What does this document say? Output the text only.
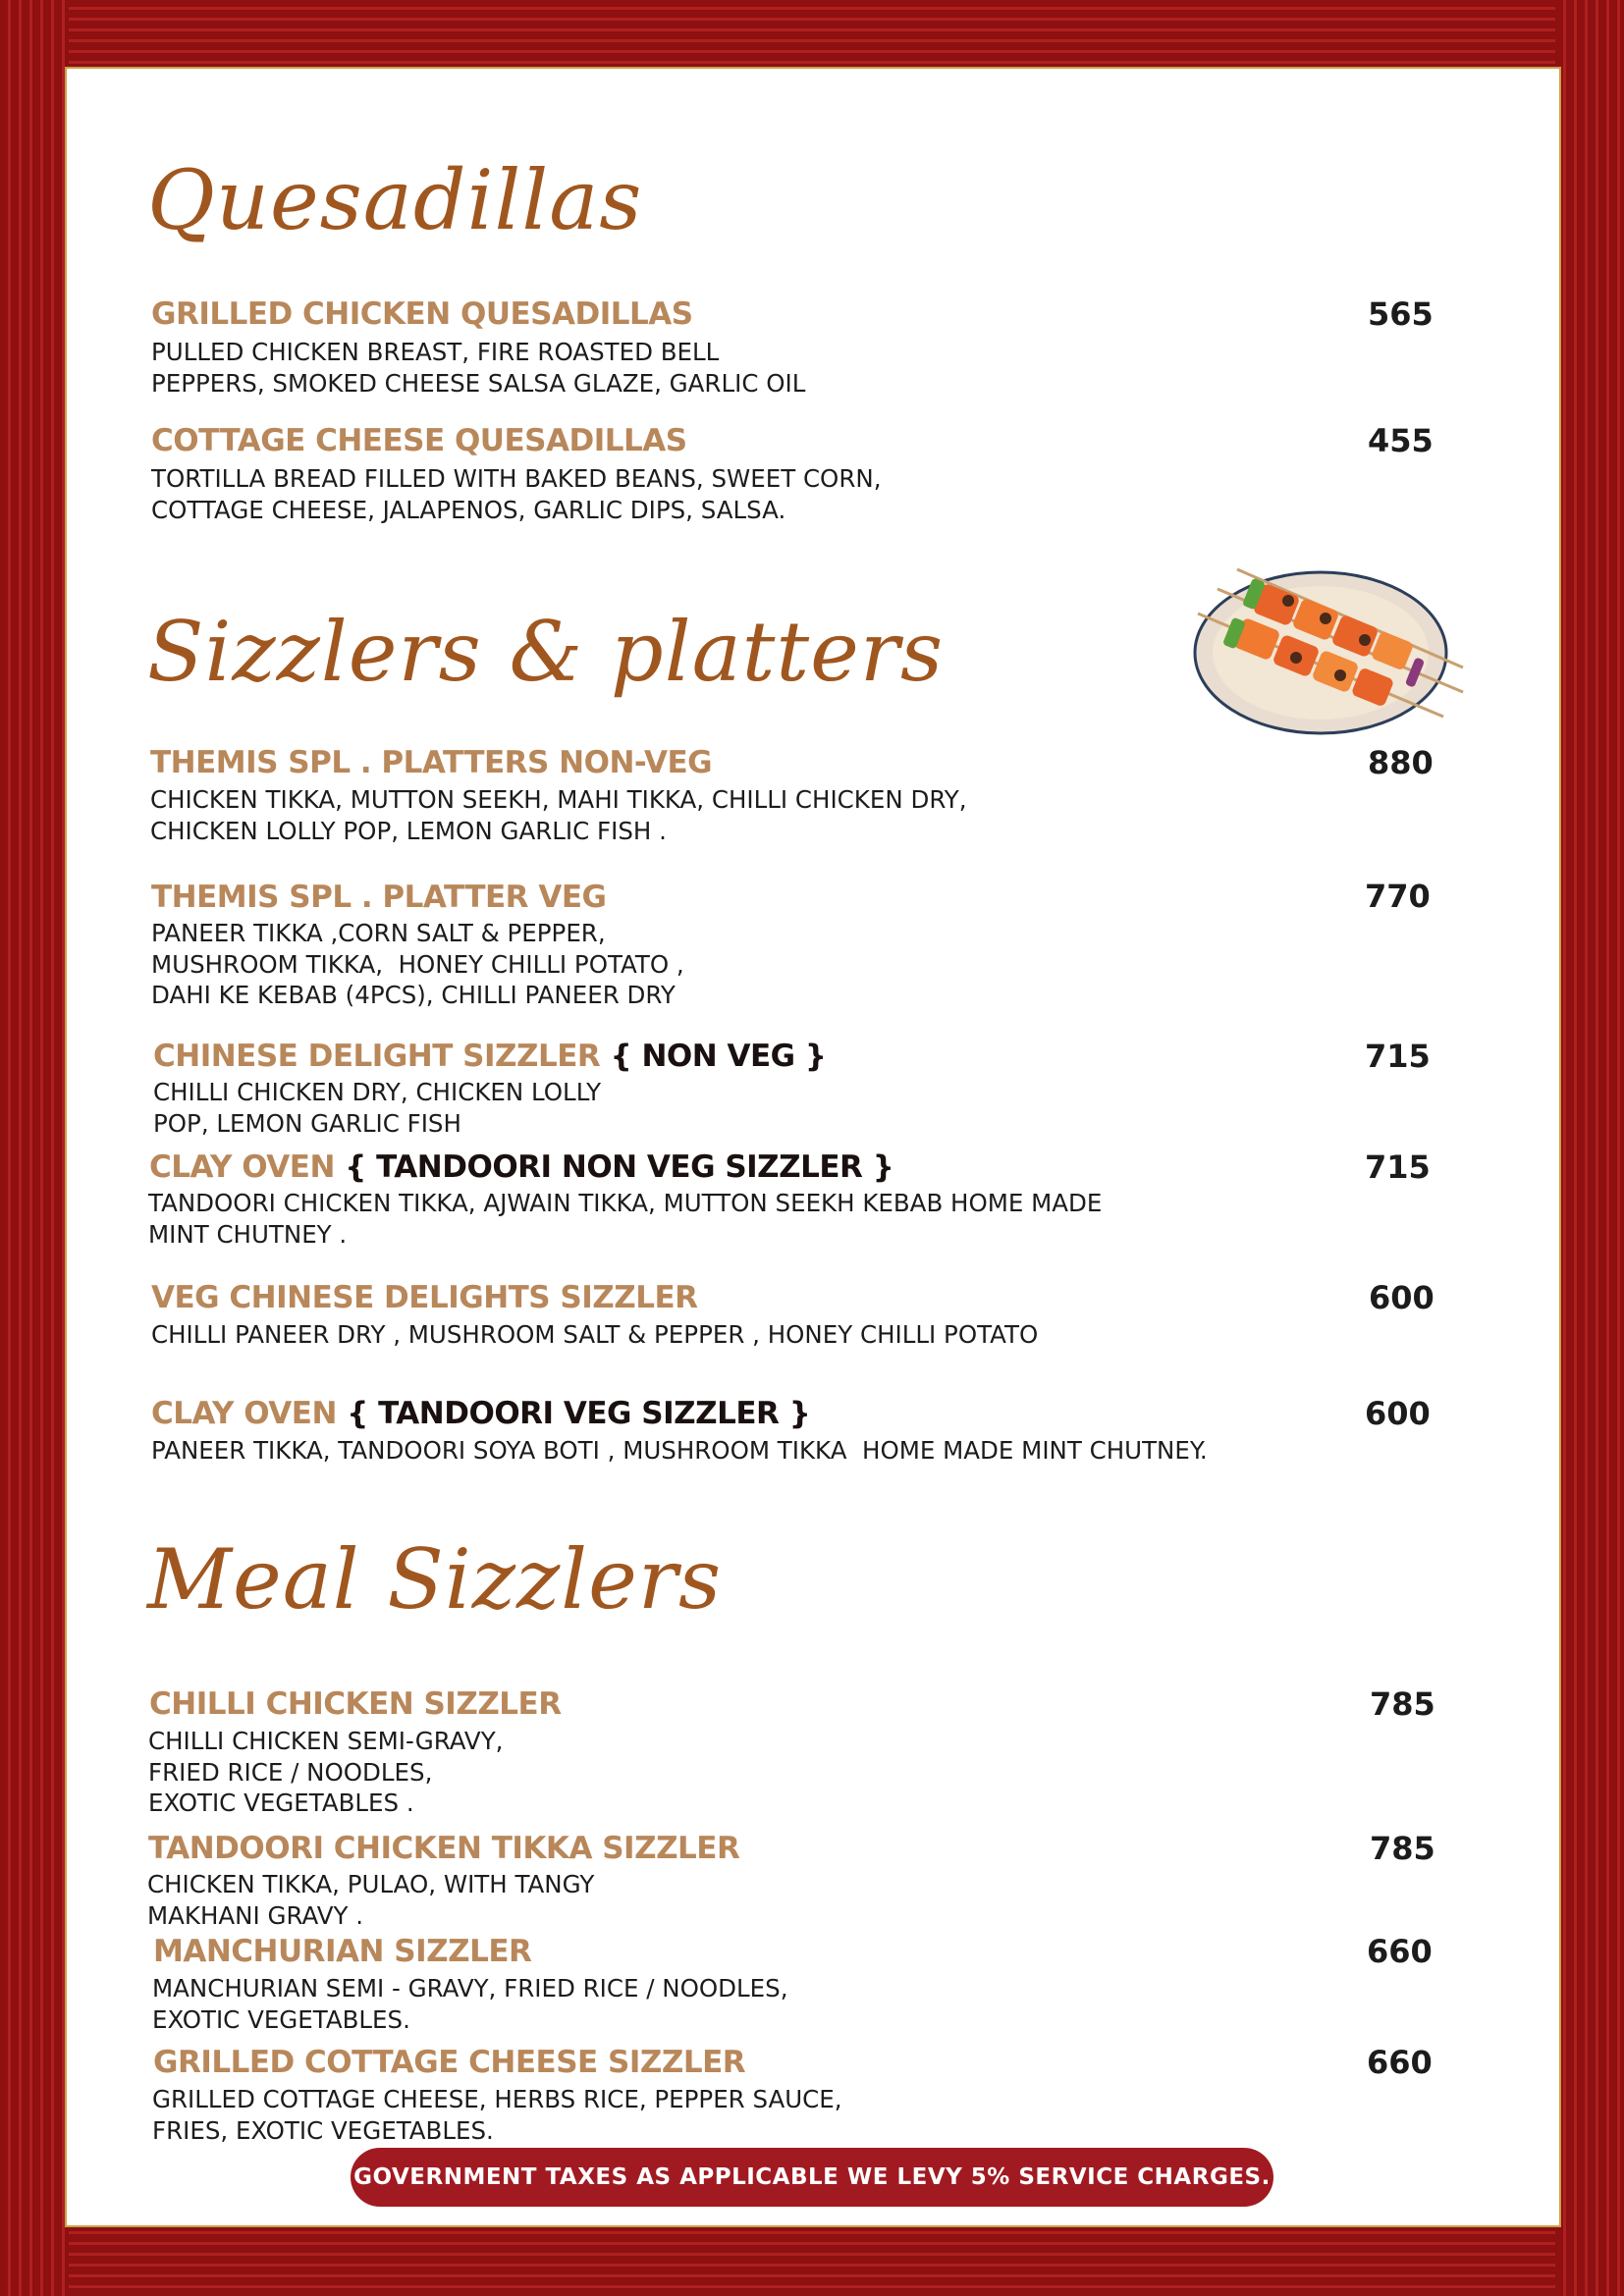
Quesadillas
GRILLED CHICKEN QUESADILLAS	565
PULLED CHICKEN BREAST, FIRE ROASTED BELL
PEPPERS, SMOKED CHEESE SALSA GLAZE, GARLIC OIL
COTTAGE CHEESE QUESADILLAS	455
TORTILLA BREAD FILLED WITH BAKED BEANS, SWEET CORN,
COTTAGE CHEESE, JALAPENOS, GARLIC DIPS, SALSA.
Sizzlers & platters
THEMIS SPL . PLATTERS NON-VEG	880
CHICKEN TIKKA, MUTTON SEEKH, MAHI TIKKA, CHILLI CHICKEN DRY,
CHICKEN LOLLY POP, LEMON GARLIC FISH .
THEMIS SPL . PLATTER VEG	770
PANEER TIKKA ,CORN SALT & PEPPER,
MUSHROOM TIKKA,  HONEY CHILLI POTATO ,
DAHI KE KEBAB (4PCS), CHILLI PANEER DRY
CHINESE DELIGHT SIZZLER { NON VEG }	715
CHILLI CHICKEN DRY, CHICKEN LOLLY
POP, LEMON GARLIC FISH
CLAY OVEN { TANDOORI NON VEG SIZZLER }	715
TANDOORI CHICKEN TIKKA, AJWAIN TIKKA, MUTTON SEEKH KEBAB HOME MADE
MINT CHUTNEY .
VEG CHINESE DELIGHTS SIZZLER	600
CHILLI PANEER DRY , MUSHROOM SALT & PEPPER , HONEY CHILLI POTATO
CLAY OVEN { TANDOORI VEG SIZZLER }	600
PANEER TIKKA, TANDOORI SOYA BOTI , MUSHROOM TIKKA  HOME MADE MINT CHUTNEY.
Meal Sizzlers
CHILLI CHICKEN SIZZLER	785
CHILLI CHICKEN SEMI-GRAVY,
FRIED RICE / NOODLES,
EXOTIC VEGETABLES .
TANDOORI CHICKEN TIKKA SIZZLER	785
CHICKEN TIKKA, PULAO, WITH TANGY
MAKHANI GRAVY .
MANCHURIAN SIZZLER	660
MANCHURIAN SEMI - GRAVY, FRIED RICE / NOODLES,
EXOTIC VEGETABLES.
GRILLED COTTAGE CHEESE SIZZLER	660
GRILLED COTTAGE CHEESE, HERBS RICE, PEPPER SAUCE,
FRIES, EXOTIC VEGETABLES.
GOVERNMENT TAXES AS APPLICABLE WE LEVY 5% SERVICE CHARGES.
